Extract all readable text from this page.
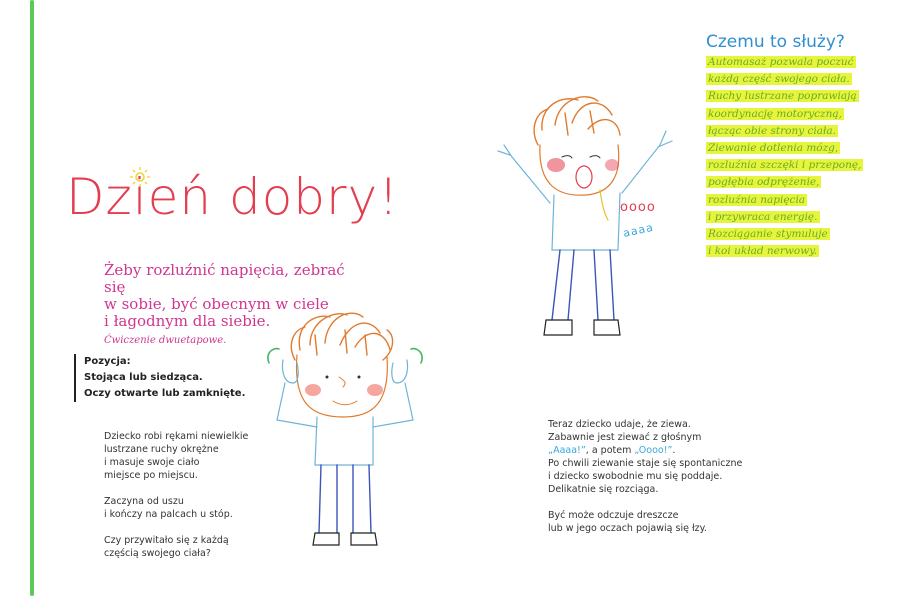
Dzień dobry!
Żeby rozluźnić napięcia, zebrać się
w sobie, być obecnym w ciele
i łagodnym dla siebie.
Ćwiczenie dwuetapowe.
Pozycja:
Stojąca lub siedząca.
Oczy otwarte lub zamknięte.
Dziecko robi rękami niewielkie
lustrzane ruchy okrężne
i masuje swoje ciało
miejsce po miejscu.
Zaczyna od uszu
i kończy na palcach u stóp.
Czy przywitało się z każdą
częścią swojego ciała?
Teraz dziecko udaje, że ziewa.
Zabawnie jest ziewać z głośnym
„Aaaa!”, a potem „Oooo!”.
Po chwili ziewanie staje się spontaniczne
i dziecko swobodnie mu się poddaje.
Delikatnie się rozciąga.
Być może odczuje dreszcze
lub w jego oczach pojawią się łzy.
Czemu to służy?
Automasaż pozwala poczuć
każdą część swojego ciała.
Ruchy lustrzane poprawiają
koordynację motoryczną,
łącząc obie strony ciała.
Ziewanie dotlenia mózg,
rozluźnia szczęki i przeponę,
pogłębia odprężenie,
rozluźnia napięcia
i przywraca energię.
Rozciąganie stymuluje
i koi układ nerwowy.
oooo
aaaa
